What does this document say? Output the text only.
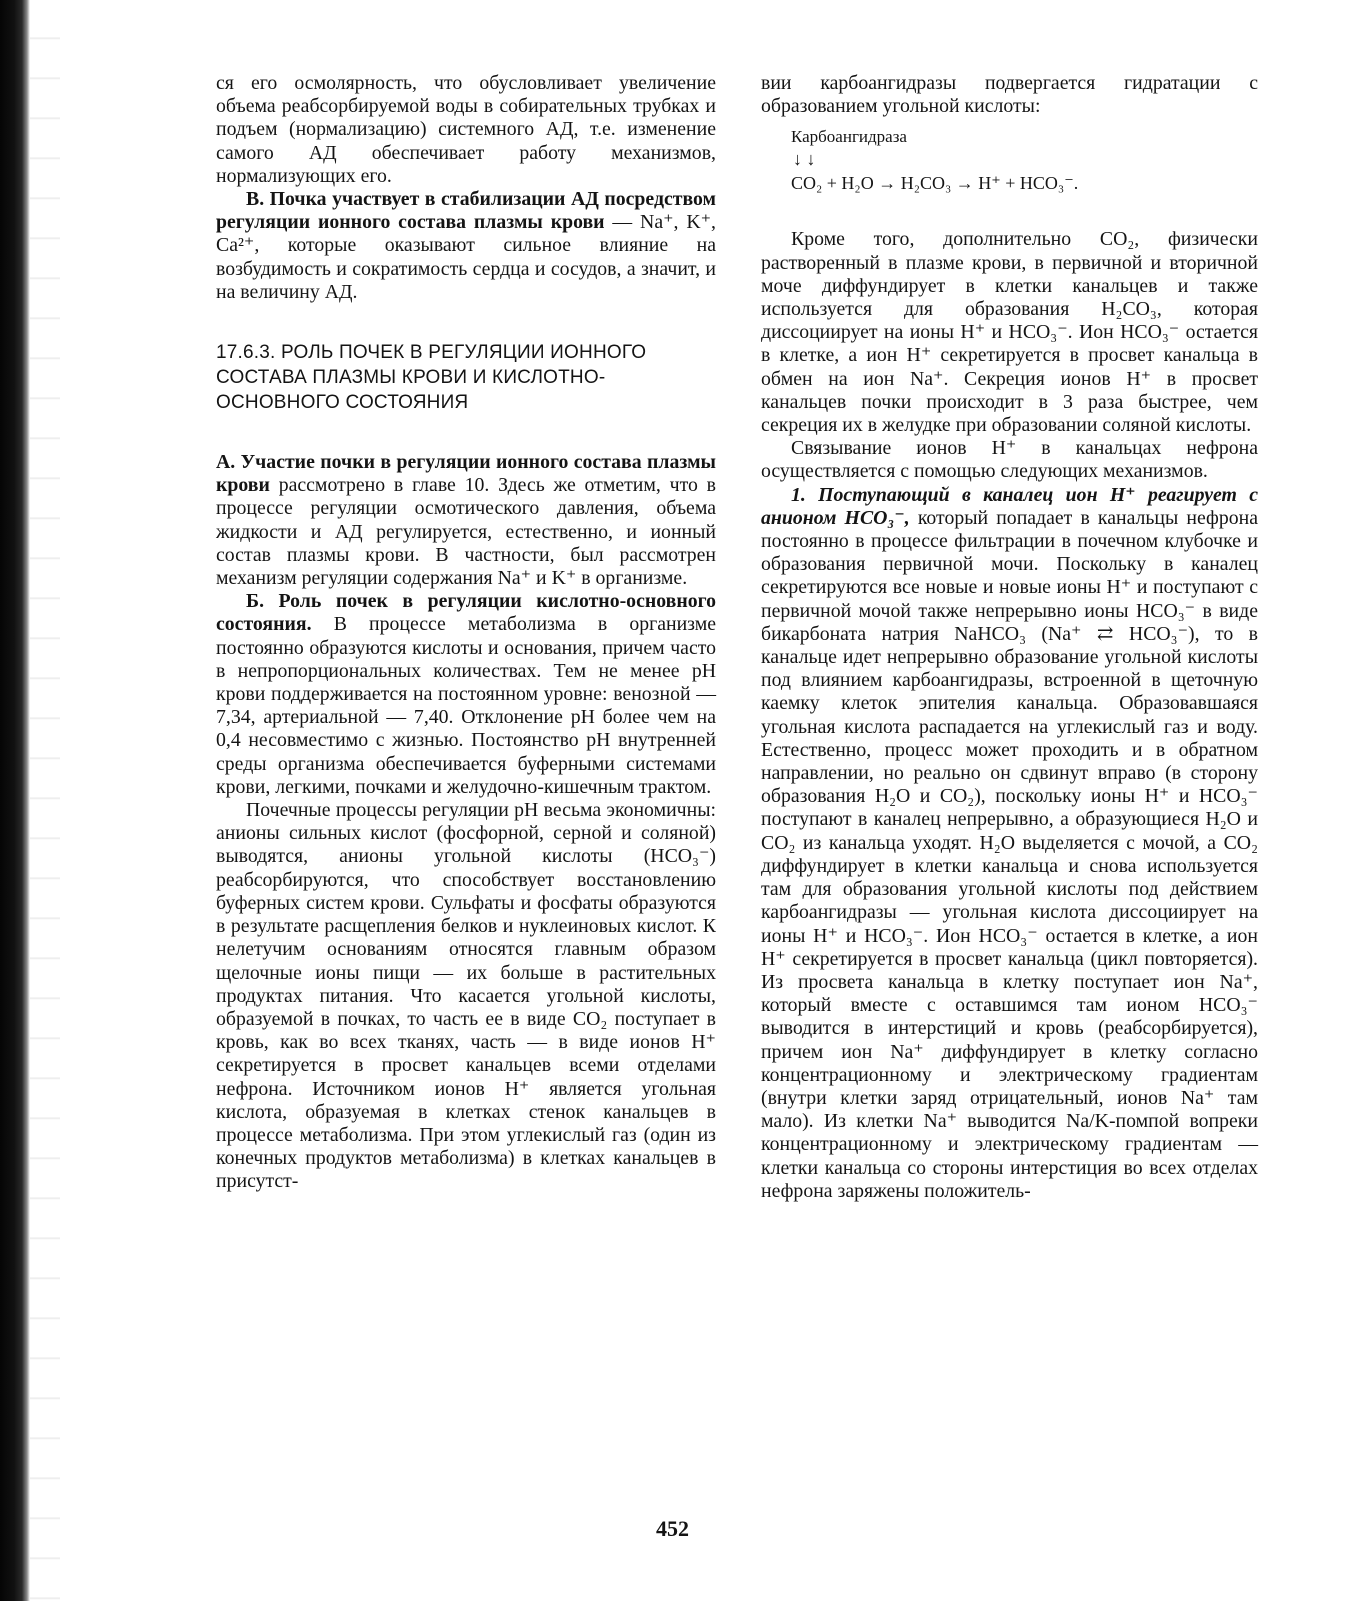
ся его осмолярность, что обусловливает увеличение объема реабсорбируемой воды в собирательных трубках и подъем (нормализацию) системного АД, т.е. изменение самого АД обеспечивает работу механизмов, нормализующих его.

В. Почка участвует в стабилизации АД посредством регуляции ионного состава плазмы крови — Na⁺, K⁺, Ca²⁺, которые оказывают сильное влияние на возбудимость и сократимость сердца и сосудов, а значит, и на величину АД.

17.6.3. РОЛЬ ПОЧЕК В РЕГУЛЯЦИИ ИОННОГО СОСТАВА ПЛАЗМЫ КРОВИ И КИСЛОТНО-ОСНОВНОГО СОСТОЯНИЯ

А. Участие почки в регуляции ионного состава плазмы крови рассмотрено в главе 10. Здесь же отметим, что в процессе регуляции осмотического давления, объема жидкости и АД регулируется, естественно, и ионный состав плазмы крови. В частности, был рассмотрен механизм регуляции содержания Na⁺ и K⁺ в организме.

Б. Роль почек в регуляции кислотно-основного состояния. В процессе метаболизма в организме постоянно образуются кислоты и основания, причем часто в непропорциональных количествах. Тем не менее pH крови поддерживается на постоянном уровне: венозной — 7,34, артериальной — 7,40. Отклонение pH более чем на 0,4 несовместимо с жизнью. Постоянство pH внутренней среды организма обеспечивается буферными системами крови, легкими, почками и желудочно-кишечным трактом.

Почечные процессы регуляции pH весьма экономичны: анионы сильных кислот (фосфорной, серной и соляной) выводятся, анионы угольной кислоты (HCO₃⁻) реабсорбируются, что способствует восстановлению буферных систем крови. Сульфаты и фосфаты образуются в результате расщепления белков и нуклеиновых кислот. К нелетучим основаниям относятся главным образом щелочные ионы пищи — их больше в растительных продуктах питания. Что касается угольной кислоты, образуемой в почках, то часть ее в виде CO₂ поступает в кровь, как во всех тканях, часть — в виде ионов H⁺ секретируется в просвет канальцев всеми отделами нефрона. Источником ионов H⁺ является угольная кислота, образуемая в клетках стенок канальцев в процессе метаболизма. При этом углекислый газ (один из конечных продуктов метаболизма) в клетках канальцев в присутст-

вии карбоангидразы подвергается гидратации с образованием угольной кислоты:

Карбоангидраза
↓ ↓
CO₂ + H₂O → H₂CO₃ → H⁺ + HCO₃⁻.

Кроме того, дополнительно CO₂, физически растворенный в плазме крови, в первичной и вторичной моче диффундирует в клетки канальцев и также используется для образования H₂CO₃, которая диссоциирует на ионы H⁺ и HCO₃⁻. Ион HCO₃⁻ остается в клетке, а ион H⁺ секретируется в просвет канальца в обмен на ион Na⁺. Секреция ионов H⁺ в просвет канальцев почки происходит в 3 раза быстрее, чем секреция их в желудке при образовании соляной кислоты.

Связывание ионов H⁺ в канальцах нефрона осуществляется с помощью следующих механизмов.

1. Поступающий в каналец ион H⁺ реагирует с анионом HCO₃⁻, который попадает в канальцы нефрона постоянно в процессе фильтрации в почечном клубочке и образования первичной мочи. Поскольку в каналец секретируются все новые и новые ионы H⁺ и поступают с первичной мочой также непрерывно ионы HCO₃⁻ в виде бикарбоната натрия NaHCO₃ (Na⁺ ⇄ HCO₃⁻), то в канальце идет непрерывно образование угольной кислоты под влиянием карбоангидразы, встроенной в щеточную каемку клеток эпителия канальца. Образовавшаяся угольная кислота распадается на углекислый газ и воду. Естественно, процесс может проходить и в обратном направлении, но реально он сдвинут вправо (в сторону образования H₂O и CO₂), поскольку ионы H⁺ и HCO₃⁻ поступают в каналец непрерывно, а образующиеся H₂O и CO₂ из канальца уходят. H₂O выделяется с мочой, а CO₂ диффундирует в клетки канальца и снова используется там для образования угольной кислоты под действием карбоангидразы — угольная кислота диссоциирует на ионы H⁺ и HCO₃⁻. Ион HCO₃⁻ остается в клетке, а ион H⁺ секретируется в просвет канальца (цикл повторяется). Из просвета канальца в клетку поступает ион Na⁺, который вместе с оставшимся там ионом HCO₃⁻ выводится в интерстиций и кровь (реабсорбируется), причем ион Na⁺ диффундирует в клетку согласно концентрационному и электрическому градиентам (внутри клетки заряд отрицательный, ионов Na⁺ там мало). Из клетки Na⁺ выводится Na/K-помпой вопреки концентрационному и электрическому градиентам — клетки канальца со стороны интерстиция во всех отделах нефрона заряжены положитель-

452
